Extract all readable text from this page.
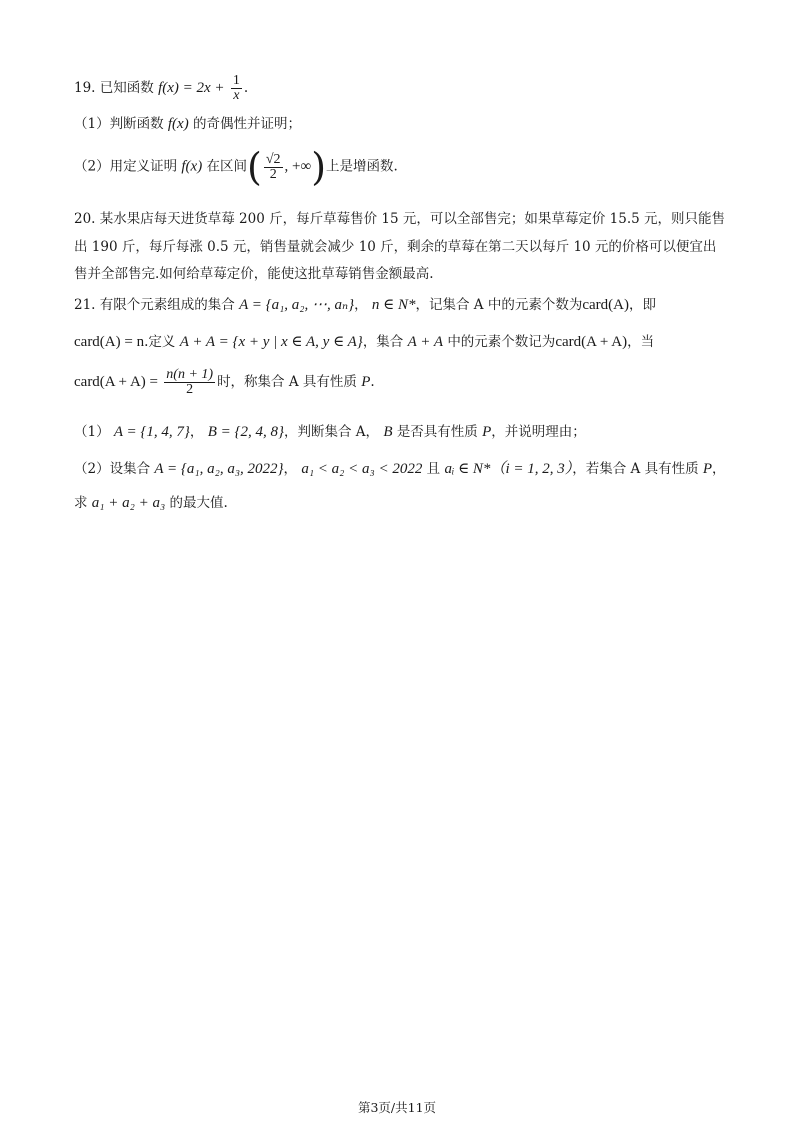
19. 已知函数 $f(x) = 2x + \frac{1}{x}$ .
（1）判断函数 f(x) 的奇偶性并证明；
（2）用定义证明 f(x) 在区间( $\frac{√2}{2}$ , +∞)上是增函数.
20. 某水果店每天进货草莓 200 斤，每斤草莓售价 15 元，可以全部售完；如果草莓定价 15.5 元，则只能售
出 190 斤，每斤每涨 0.5 元，销售量就会减少 10 斤，剩余的草莓在第二天以每斤 10 元的价格可以便宜出
售并全部售完.如何给草莓定价，能使这批草莓销售金额最高.
21. 有限个元素组成的集合 A = {a₁, a₂, ⋯, aₙ}， n ∈ N*，记集合 A 中的元素个数为card(A)，即
card(A) = n.定义 A + A = {x + y | x ∈ A, y ∈ A}，集合 A + A 中的元素个数记为card(A + A)，当
card(A + $A) = \frac{n(n + 1)}{2}$ 时，称集合 A 具有性质 P.
（1） A = {1, 4, 7}， B = {2, 4, 8}，判断集合 A， B 是否具有性质 P，并说明理由；
（2）设集合 A = {a₁, a₂, a₃, 2022}， a₁ < a₂ < a₃ < 2022 且 aᵢ ∈ N*（i = 1, 2, 3），若集合 A 具有性质 P，
求 a₁ + a₂ + a₃ 的最大值.
第3页/共11页
